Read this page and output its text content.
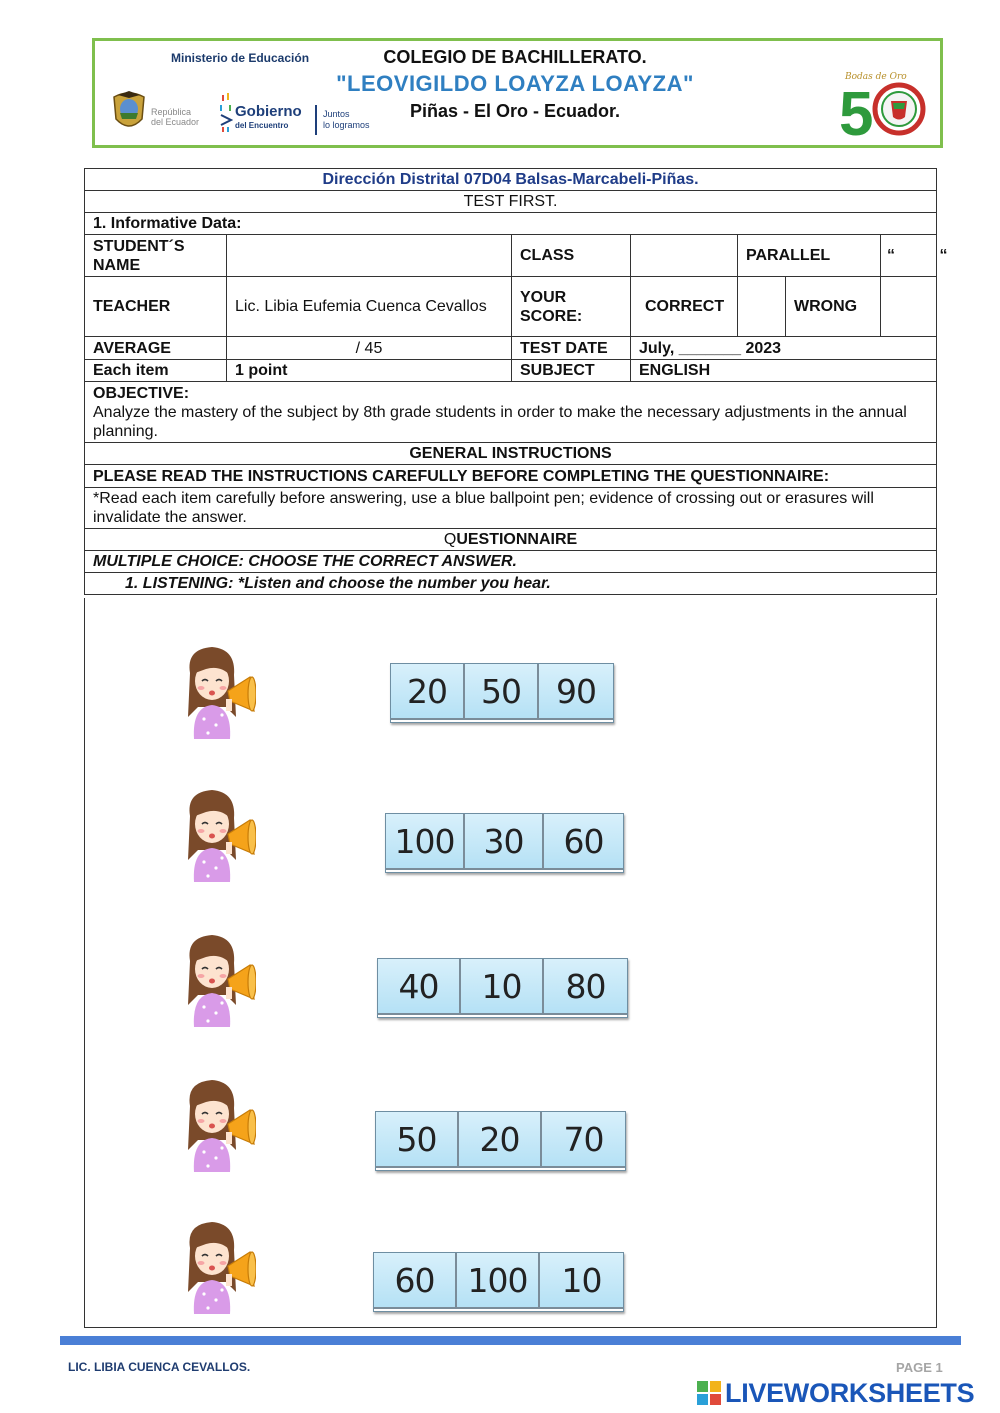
Ministerio de Educación
República
del Ecuador
Gobierno
del Encuentro
Juntos
lo logramos
COLEGIO DE BACHILLERATO.
"LEOVIGILDO LOAYZA LOAYZA"
Piñas - El Oro - Ecuador.
Bodas de Oro
5
Dirección Distrital 07D04 Balsas-Marcabeli-Piñas.						
TEST FIRST.						
1. Informative Data:						
STUDENT´S NAME		CLASS		PARALLEL		“          “
TEACHER	Lic. Libia Eufemia Cuenca Cevallos	YOUR SCORE:	CORRECT		WRONG	
AVERAGE	/ 45	TEST DATE	July, _______ 2023			
Each item	1 point	SUBJECT	ENGLISH			

OBJECTIVE:
Analyze the mastery of the subject by 8th grade students in order to make the necessary adjustments in the annual planning.						

GENERAL INSTRUCTIONS						
PLEASE READ THE INSTRUCTIONS CAREFULLY BEFORE COMPLETING THE QUESTIONNAIRE:						
*Read each item carefully before answering, use a blue ballpoint pen; evidence of crossing out or erasures will invalidate the answer.						
QUESTIONNAIRE						
MULTIPLE CHOICE: CHOOSE THE CORRECT ANSWER.						
1. LISTENING: *Listen and choose the number you hear.						
20	50	90
100 30	60
40	10	80
50	20	70
60	100	10
LIC. LIBIA CUENCA CEVALLOS.	PAGE 1
LIVEWORKSHEETS
